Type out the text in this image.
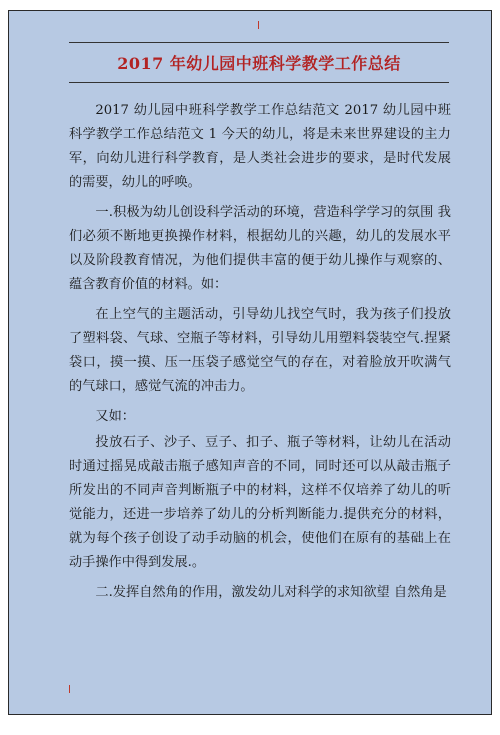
2017 年幼儿园中班科学教学工作总结

2017 幼儿园中班科学教学工作总结范文 2017 幼儿园中班科学教学工作总结范文 1 今天的幼儿，将是未来世界建设的主力军，向幼儿进行科学教育，是人类社会进步的要求，是时代发展的需要，幼儿的呼唤。

一.积极为幼儿创设科学活动的环境，营造科学学习的氛围 我们必须不断地更换操作材料，根据幼儿的兴趣，幼儿的发展水平以及阶段教育情况，为他们提供丰富的便于幼儿操作与观察的、蕴含教育价值的材料。如：

在上空气的主题活动，引导幼儿找空气时，我为孩子们投放了塑料袋、气球、空瓶子等材料，引导幼儿用塑料袋装空气.捏紧袋口，摸一摸、压一压袋子感觉空气的存在，对着脸放开吹满气的气球口，感觉气流的冲击力。

又如：

投放石子、沙子、豆子、扣子、瓶子等材料，让幼儿在活动时通过摇晃成敲击瓶子感知声音的不同，同时还可以从敲击瓶子所发出的不同声音判断瓶子中的材料，这样不仅培养了幼儿的听觉能力，还进一步培养了幼儿的分析判断能力.提供充分的材料，就为每个孩子创设了动手动脑的机会，使他们在原有的基础上在动手操作中得到发展.。

二.发挥自然角的作用，激发幼儿对科学的求知欲望 自然角是
